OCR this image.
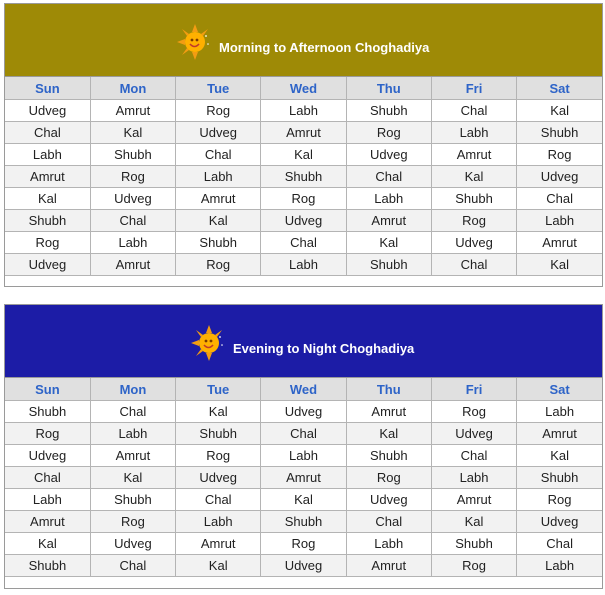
Morning to Afternoon Choghadiya
Sun	Mon	Tue	Wed	Thu	Fri	Sat
Udveg	Amrut	Rog	Labh	Shubh	Chal	Kal
Chal	Kal	Udveg	Amrut	Rog	Labh	Shubh
Labh	Shubh	Chal	Kal	Udveg	Amrut	Rog
Amrut	Rog	Labh	Shubh	Chal	Kal	Udveg
Kal	Udveg	Amrut	Rog	Labh	Shubh	Chal
Shubh	Chal	Kal	Udveg	Amrut	Rog	Labh
Rog	Labh	Shubh	Chal	Kal	Udveg	Amrut
Udveg	Amrut	Rog	Labh	Shubh	Chal	Kal
Evening to Night Choghadiya
Sun	Mon	Tue	Wed	Thu	Fri	Sat
Shubh	Chal	Kal	Udveg	Amrut	Rog	Labh
Rog	Labh	Shubh	Chal	Kal	Udveg	Amrut
Udveg	Amrut	Rog	Labh	Shubh	Chal	Kal
Chal	Kal	Udveg	Amrut	Rog	Labh	Shubh
Labh	Shubh	Chal	Kal	Udveg	Amrut	Rog
Amrut	Rog	Labh	Shubh	Chal	Kal	Udveg
Kal	Udveg	Amrut	Rog	Labh	Shubh	Chal
Shubh	Chal	Kal	Udveg	Amrut	Rog	Labh
